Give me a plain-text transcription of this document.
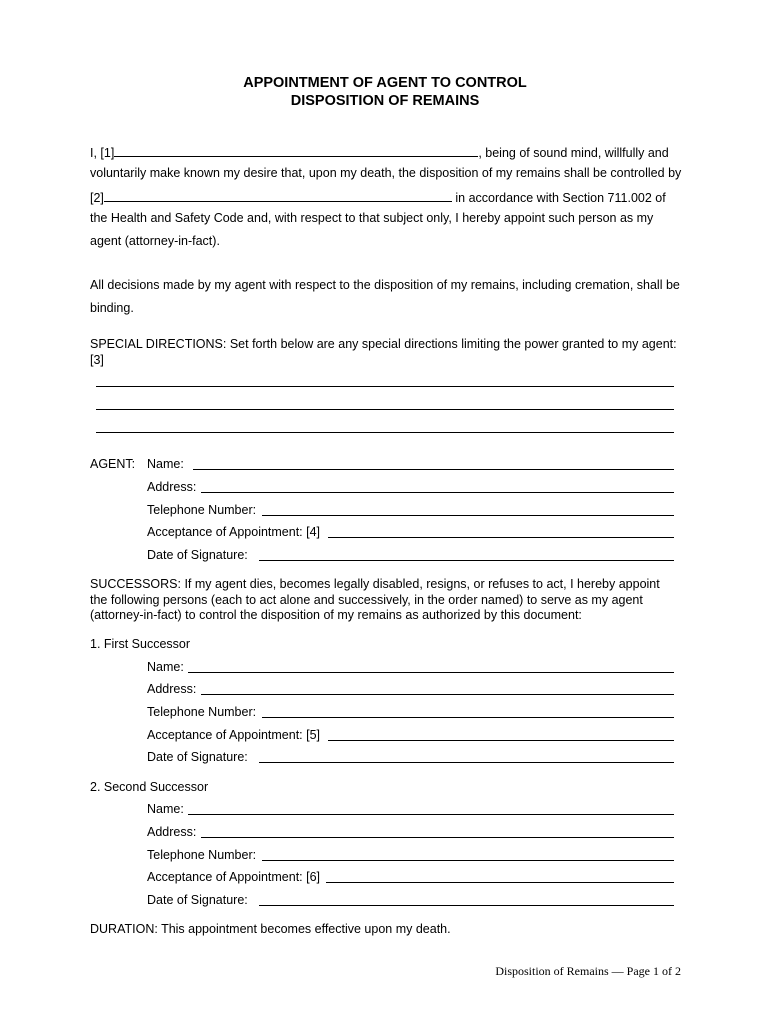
APPOINTMENT OF AGENT TO CONTROL
DISPOSITION OF REMAINS
I, [1]	, being of sound mind, willfully and
voluntarily make known my desire that, upon my death, the disposition of my remains shall be controlled by
[2]	in accordance with Section 711.002 of
the Health and Safety Code and, with respect to that subject only, I hereby appoint such person as my
agent (attorney-in-fact).
All decisions made by my agent with respect to the disposition of my remains, including cremation, shall be
binding.
SPECIAL DIRECTIONS: Set forth below are any special directions limiting the power granted to my agent:
[3]
AGENT: Name:
Address:
Telephone Number:
Acceptance of Appointment: [4]
Date of Signature:
SUCCESSORS: If my agent dies, becomes legally disabled, resigns, or refuses to act, I hereby appoint
the following persons (each to act alone and successively, in the order named) to serve as my agent
(attorney-in-fact) to control the disposition of my remains as authorized by this document:
1. First Successor
Name:
Address:
Telephone Number:
Acceptance of Appointment: [5]
Date of Signature:
2. Second Successor
Name:
Address:
Telephone Number:
Acceptance of Appointment: [6]
Date of Signature:
DURATION: This appointment becomes effective upon my death.
Disposition of Remains — Page 1 of 2
